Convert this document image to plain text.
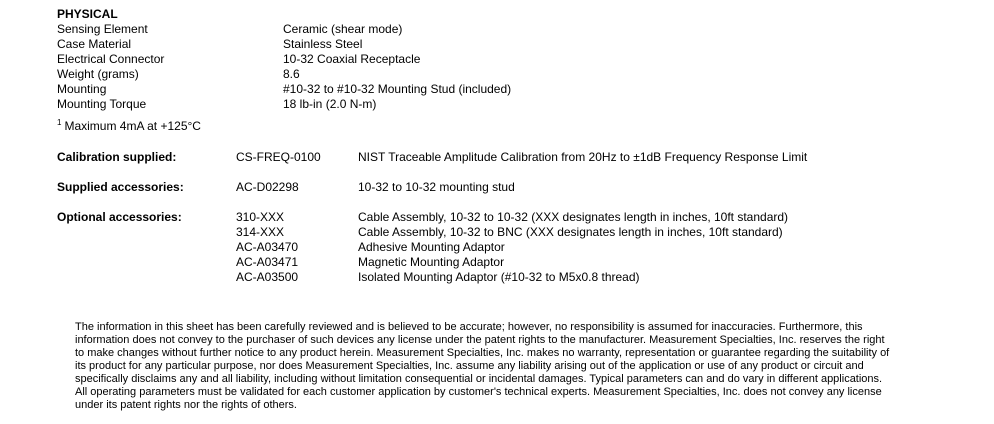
PHYSICAL
Sensing Element	Ceramic (shear mode)
Case Material	Stainless Steel
Electrical Connector	10-32 Coaxial Receptacle
Weight (grams)	8.6
Mounting	#10-32 to #10-32 Mounting Stud (included)
Mounting Torque	18 lb-in (2.0 N-m)
$^1$ Maximum 4mA at +125°C
Calibration supplied:	CS-FREQ-0100	NIST Traceable Amplitude Calibration from 20Hz to ±1dB Frequency Response Limit
Supplied accessories:	AC-D02298	10-32 to 10-32 mounting stud
Optional accessories:	310-XXX	Cable Assembly, 10-32 to 10-32 (XXX designates length in inches, 10ft standard)
314-XXX	Cable Assembly, 10-32 to BNC (XXX designates length in inches, 10ft standard)
AC-A03470	Adhesive Mounting Adaptor
AC-A03471	Magnetic Mounting Adaptor
AC-A03500	Isolated Mounting Adaptor (#10-32 to M5x0.8 thread)
The information in this sheet has been carefully reviewed and is believed to be accurate; however, no responsibility is assumed for inaccuracies. Furthermore, this
information does not convey to the purchaser of such devices any license under the patent rights to the manufacturer. Measurement Specialties, Inc. reserves the right
to make changes without further notice to any product herein. Measurement Specialties, Inc. makes no warranty, representation or guarantee regarding the suitability of
its product for any particular purpose, nor does Measurement Specialties, Inc. assume any liability arising out of the application or use of any product or circuit and
specifically disclaims any and all liability, including without limitation consequential or incidental damages. Typical parameters can and do vary in different applications.
All operating parameters must be validated for each customer application by customer's technical experts. Measurement Specialties, Inc. does not convey any license
under its patent rights nor the rights of others.
